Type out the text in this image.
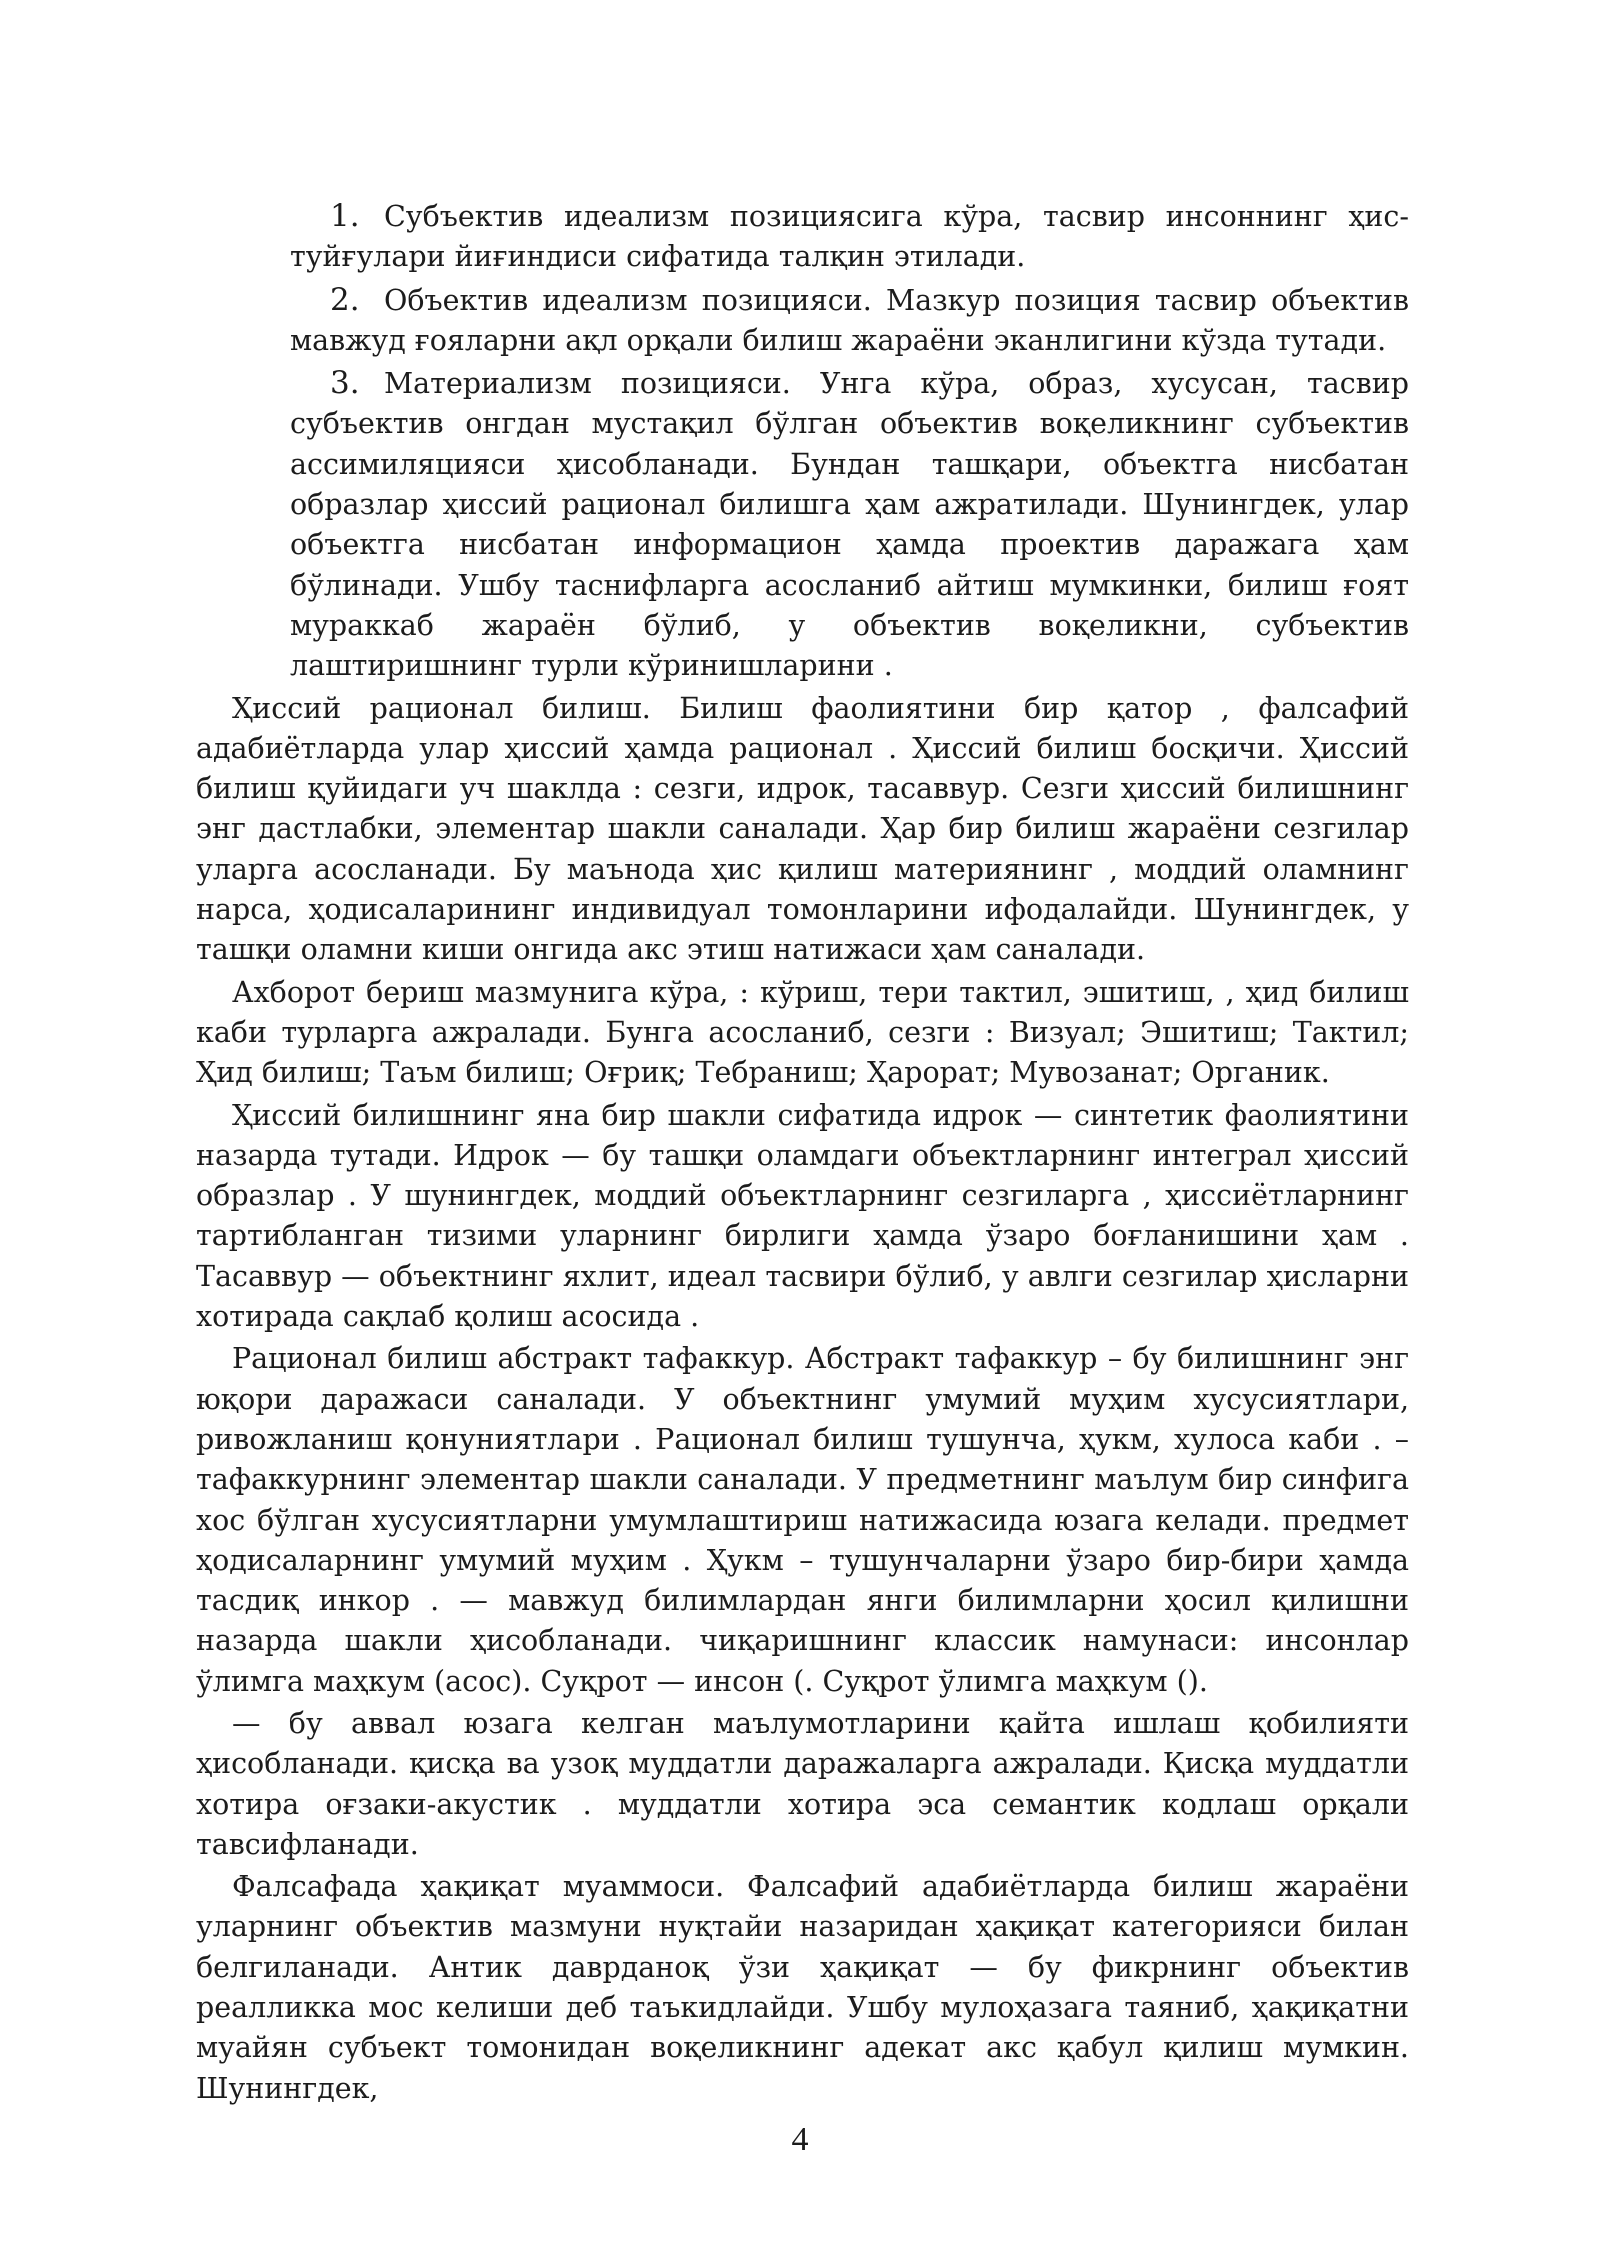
1. Субъектив идеализм позициясига кўра, тасвир инсоннинг ҳис-туйғулари йиғиндиси сифатида талқин этилади.
2. Объектив идеализм позицияси. Мазкур позиция тасвир объектив мавжуд ғояларни ақл орқали билиш жараёни эканлигини кўзда тутади.
3. Материализм позицияси. Унга кўра, образ, хусусан, тасвир субъектив онгдан мустақил бўлган объектив воқеликнинг субъектив ассимиляцияси ҳисобланади. Бундан ташқари, объектга нисбатан образлар ҳиссий рационал билишга ҳам ажратилади. Шунингдек, улар объектга нисбатан информацион ҳамда проектив даражага ҳам бўлинади. Ушбу таснифларга асосланиб айтиш мумкинки, билиш ғоят мураккаб жараён бўлиб, у объектив воқеликни, субъектив лаштиришнинг турли кўринишларини .

Ҳиссий рационал билиш. Билиш фаолиятини бир қатор , фалсафий адабиётларда улар ҳиссий ҳамда рационал . Ҳиссий билиш босқичи. Ҳиссий билиш қуйидаги уч шаклда : сезги, идрок, тасаввур. Сезги ҳиссий билишнинг энг дастлабки, элементар шакли саналади. Ҳар бир билиш жараёни сезгилар уларга асосланади. Бу маънода ҳис қилиш материянинг , моддий оламнинг нарса, ҳодисаларининг индивидуал томонларини ифодалайди. Шунингдек, у ташқи оламни киши онгида акс этиш натижаси ҳам саналади.

Ахборот бериш мазмунига кўра, : кўриш, тери тактил, эшитиш, , ҳид билиш каби турларга ажралади. Бунга асосланиб, сезги : Визуал; Эшитиш; Тактил; Ҳид билиш; Таъм билиш; Оғриқ; Тебраниш; Ҳарорат; Мувозанат; Органик.

Ҳиссий билишнинг яна бир шакли сифатида идрок — синтетик фаолиятини назарда тутади. Идрок — бу ташқи оламдаги объектларнинг интеграл ҳиссий образлар . У шунингдек, моддий объектларнинг сезгиларга , ҳиссиётларнинг тартибланган тизими уларнинг бирлиги ҳамда ўзаро боғланишини ҳам . Тасаввур — объектнинг яхлит, идеал тасвири бўлиб, у авлги сезгилар ҳисларни хотирада сақлаб қолиш асосида .

Рационал билиш абстракт тафаккур. Абстракт тафаккур – бу билишнинг энг юқори даражаси саналади. У объектнинг умумий муҳим хусусиятлари, ривожланиш қонуниятлари . Рационал билиш тушунча, ҳукм, хулоса каби . – тафаккурнинг элементар шакли саналади. У предметнинг маълум бир синфига хос бўлган хусусиятларни умумлаштириш натижасида юзага келади. предмет ҳодисаларнинг умумий муҳим . Ҳукм – тушунчаларни ўзаро бир-бири ҳамда тасдиқ инкор . — мавжуд билимлардан янги билимларни ҳосил қилишни назарда шакли ҳисобланади. чиқаришнинг классик намунаси: инсонлар ўлимга маҳкум (асос). Суқрот — инсон (. Суқрот ўлимга маҳкум ().

— бу аввал юзага келган маълумотларини қайта ишлаш қобилияти ҳисобланади. қисқа ва узоқ муддатли даражаларга ажралади. Қисқа муддатли хотира оғзаки-акустик . муддатли хотира эса семантик кодлаш орқали тавсифланади.

Фалсафада ҳақиқат муаммоси. Фалсафий адабиётларда билиш жараёни уларнинг объектив мазмуни нуқтайи назаридан ҳақиқат категорияси билан белгиланади. Антик даврданоқ ўзи ҳақиқат — бу фикрнинг объектив реалликка мос келиши деб таъкидлайди. Ушбу мулоҳазага таяниб, ҳақиқатни муайян субъект томонидан воқеликнинг адекат акс қабул қилиш мумкин. Шунингдек,

4
